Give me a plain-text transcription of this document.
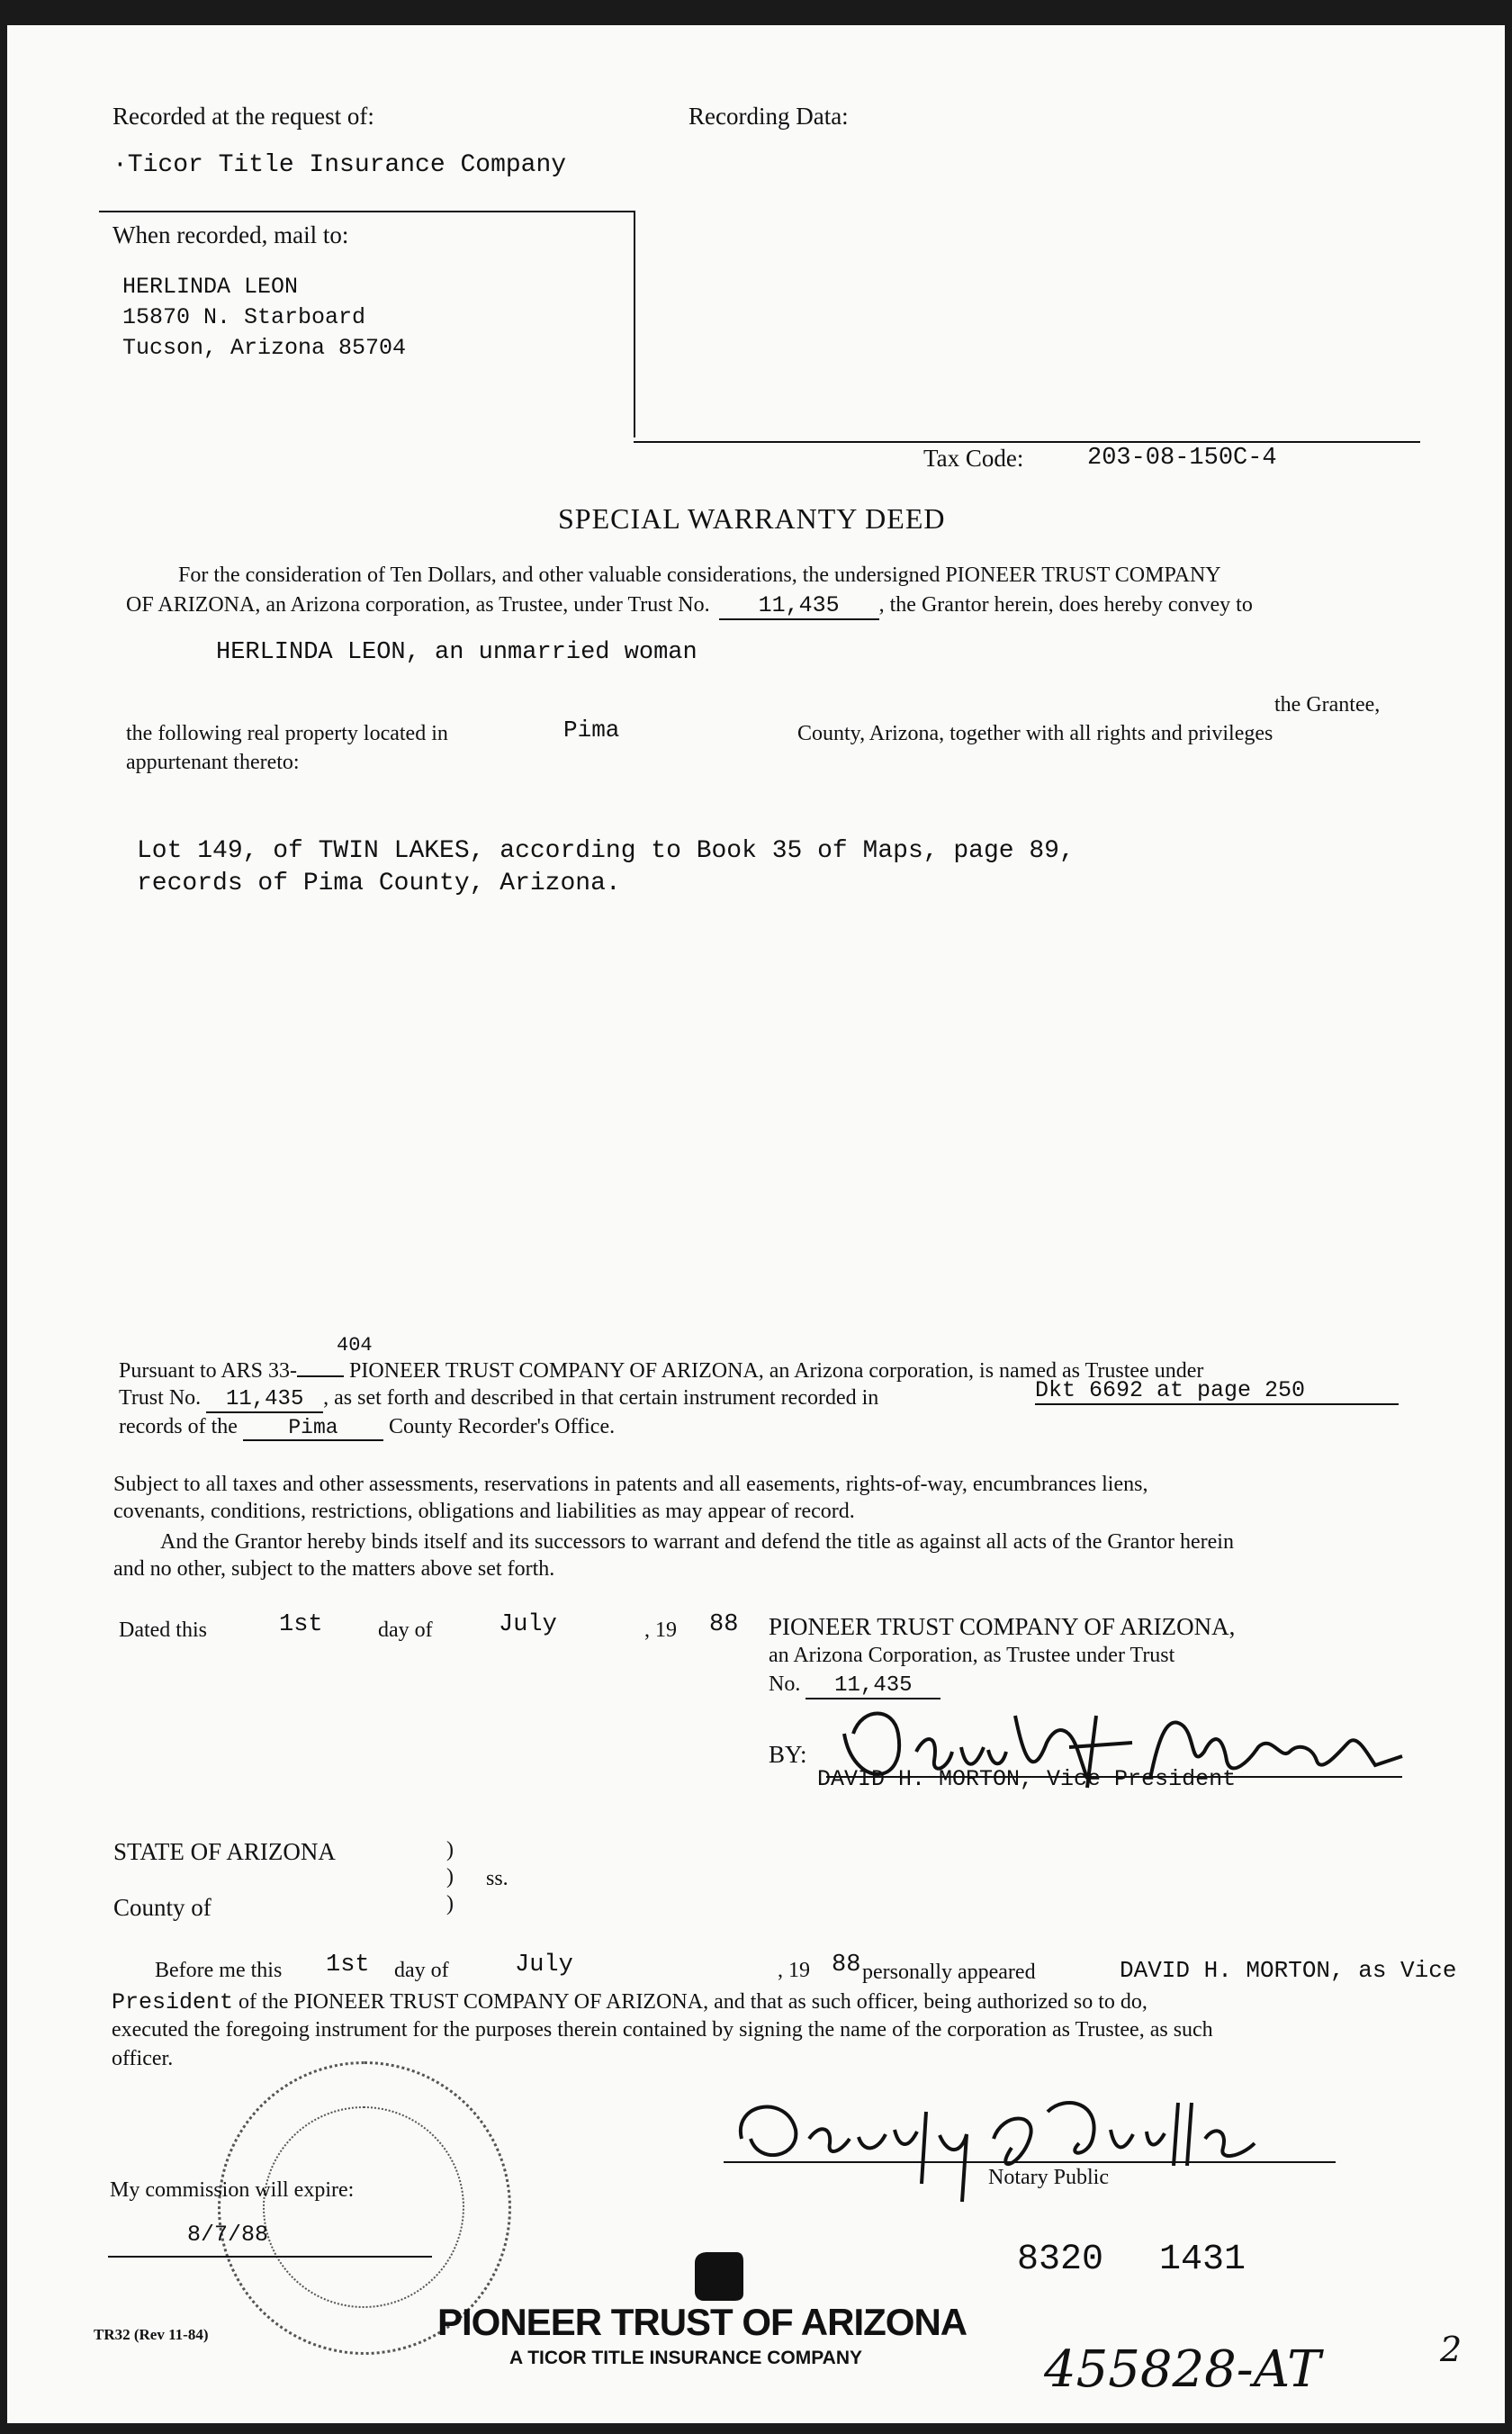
Recorded at the request of:	Recording Data:
·Ticor Title Insurance Company
When recorded, mail to:
HERLINDA LEON
15870 N. Starboard
Tucson, Arizona 85704
Tax Code:	203-08-150C-4
SPECIAL WARRANTY DEED
For the consideration of Ten Dollars, and other valuable considerations, the undersigned PIONEER TRUST COMPANY
OF ARIZONA, an Arizona corporation, as Trustee, under Trust No. 11,435 , the Grantor herein, does hereby convey to
HERLINDA LEON, an unmarried woman
the Grantee,
the following real property located in	Pima	County, Arizona, together with all rights and privileges
appurtenant thereto:
Lot 149, of TWIN LAKES, according to Book 35 of Maps, page 89,
records of Pima County, Arizona.
404
Pursuant to ARS 33- PIONEER TRUST COMPANY OF ARIZONA, an Arizona corporation, is named as Trustee under
Trust No. 11,435 , as set forth and described in that certain instrument recorded in	Dkt 6692 at page 250
records of the Pima County Recorder's Office.
Subject to all taxes and other assessments, reservations in patents and all easements, rights-of-way, encumbrances liens,
covenants, conditions, restrictions, obligations and liabilities as may appear of record.
And the Grantor hereby binds itself and its successors to warrant and defend the title as against all acts of the Grantor herein
and no other, subject to the matters above set forth.
Dated this	1st	day of	July	, 19 88 PIONEER TRUST COMPANY OF ARIZONA,
an Arizona Corporation, as Trustee under Trust
No. 11,435
BY:
DAVID H. MORTON, Vice President
STATE OF ARIZONA	)
)
)
ss.
County of
Before me this 1st day of	July	, 19 88 personally appeared	DAVID H. MORTON, as Vice
President of the PIONEER TRUST COMPANY OF ARIZONA, and that as such officer, being authorized so to do,
executed the foregoing instrument for the purposes therein contained by signing the name of the corporation as Trustee, as such
officer.
Notary Public
My commission will expire:
8/7/88
TR32 (Rev 11-84)	PIONEER TRUST OF ARIZONA
A TICOR TITLE INSURANCE COMPANY
8320 1431
455828-AT	2
